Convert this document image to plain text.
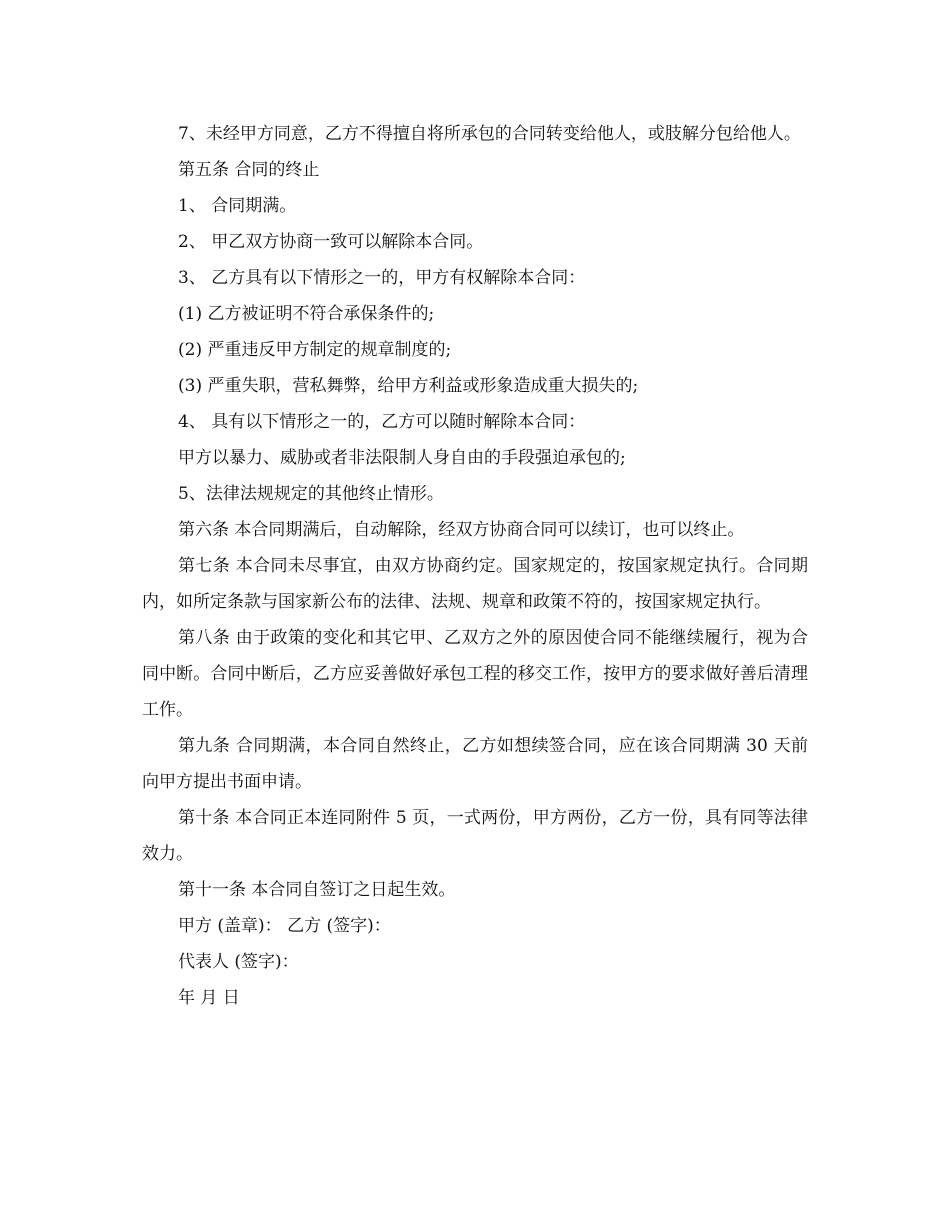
7、未经甲方同意，乙方不得擅自将所承包的合同转变给他人，或肢解分包给他人。

第五条 合同的终止

1、 合同期满。

2、 甲乙双方协商一致可以解除本合同。

3、 乙方具有以下情形之一的，甲方有权解除本合同：

(1) 乙方被证明不符合承保条件的;

(2) 严重违反甲方制定的规章制度的;

(3) 严重失职，营私舞弊，给甲方利益或形象造成重大损失的;

4、 具有以下情形之一的，乙方可以随时解除本合同：

甲方以暴力、威胁或者非法限制人身自由的手段强迫承包的;

5、法律法规规定的其他终止情形。

第六条 本合同期满后，自动解除，经双方协商合同可以续订，也可以终止。

第七条 本合同未尽事宜，由双方协商约定。国家规定的，按国家规定执行。合同期内，如所定条款与国家新公布的法律、法规、规章和政策不符的，按国家规定执行。

第八条 由于政策的变化和其它甲、乙双方之外的原因使合同不能继续履行，视为合同中断。合同中断后，乙方应妥善做好承包工程的移交工作，按甲方的要求做好善后清理工作。

第九条 合同期满，本合同自然终止，乙方如想续签合同，应在该合同期满 30 天前向甲方提出书面申请。

第十条 本合同正本连同附件 5 页，一式两份，甲方两份，乙方一份，具有同等法律效力。

第十一条 本合同自签订之日起生效。

甲方 (盖章)： 乙方 (签字)：

代表人 (签字)：

年 月 日
